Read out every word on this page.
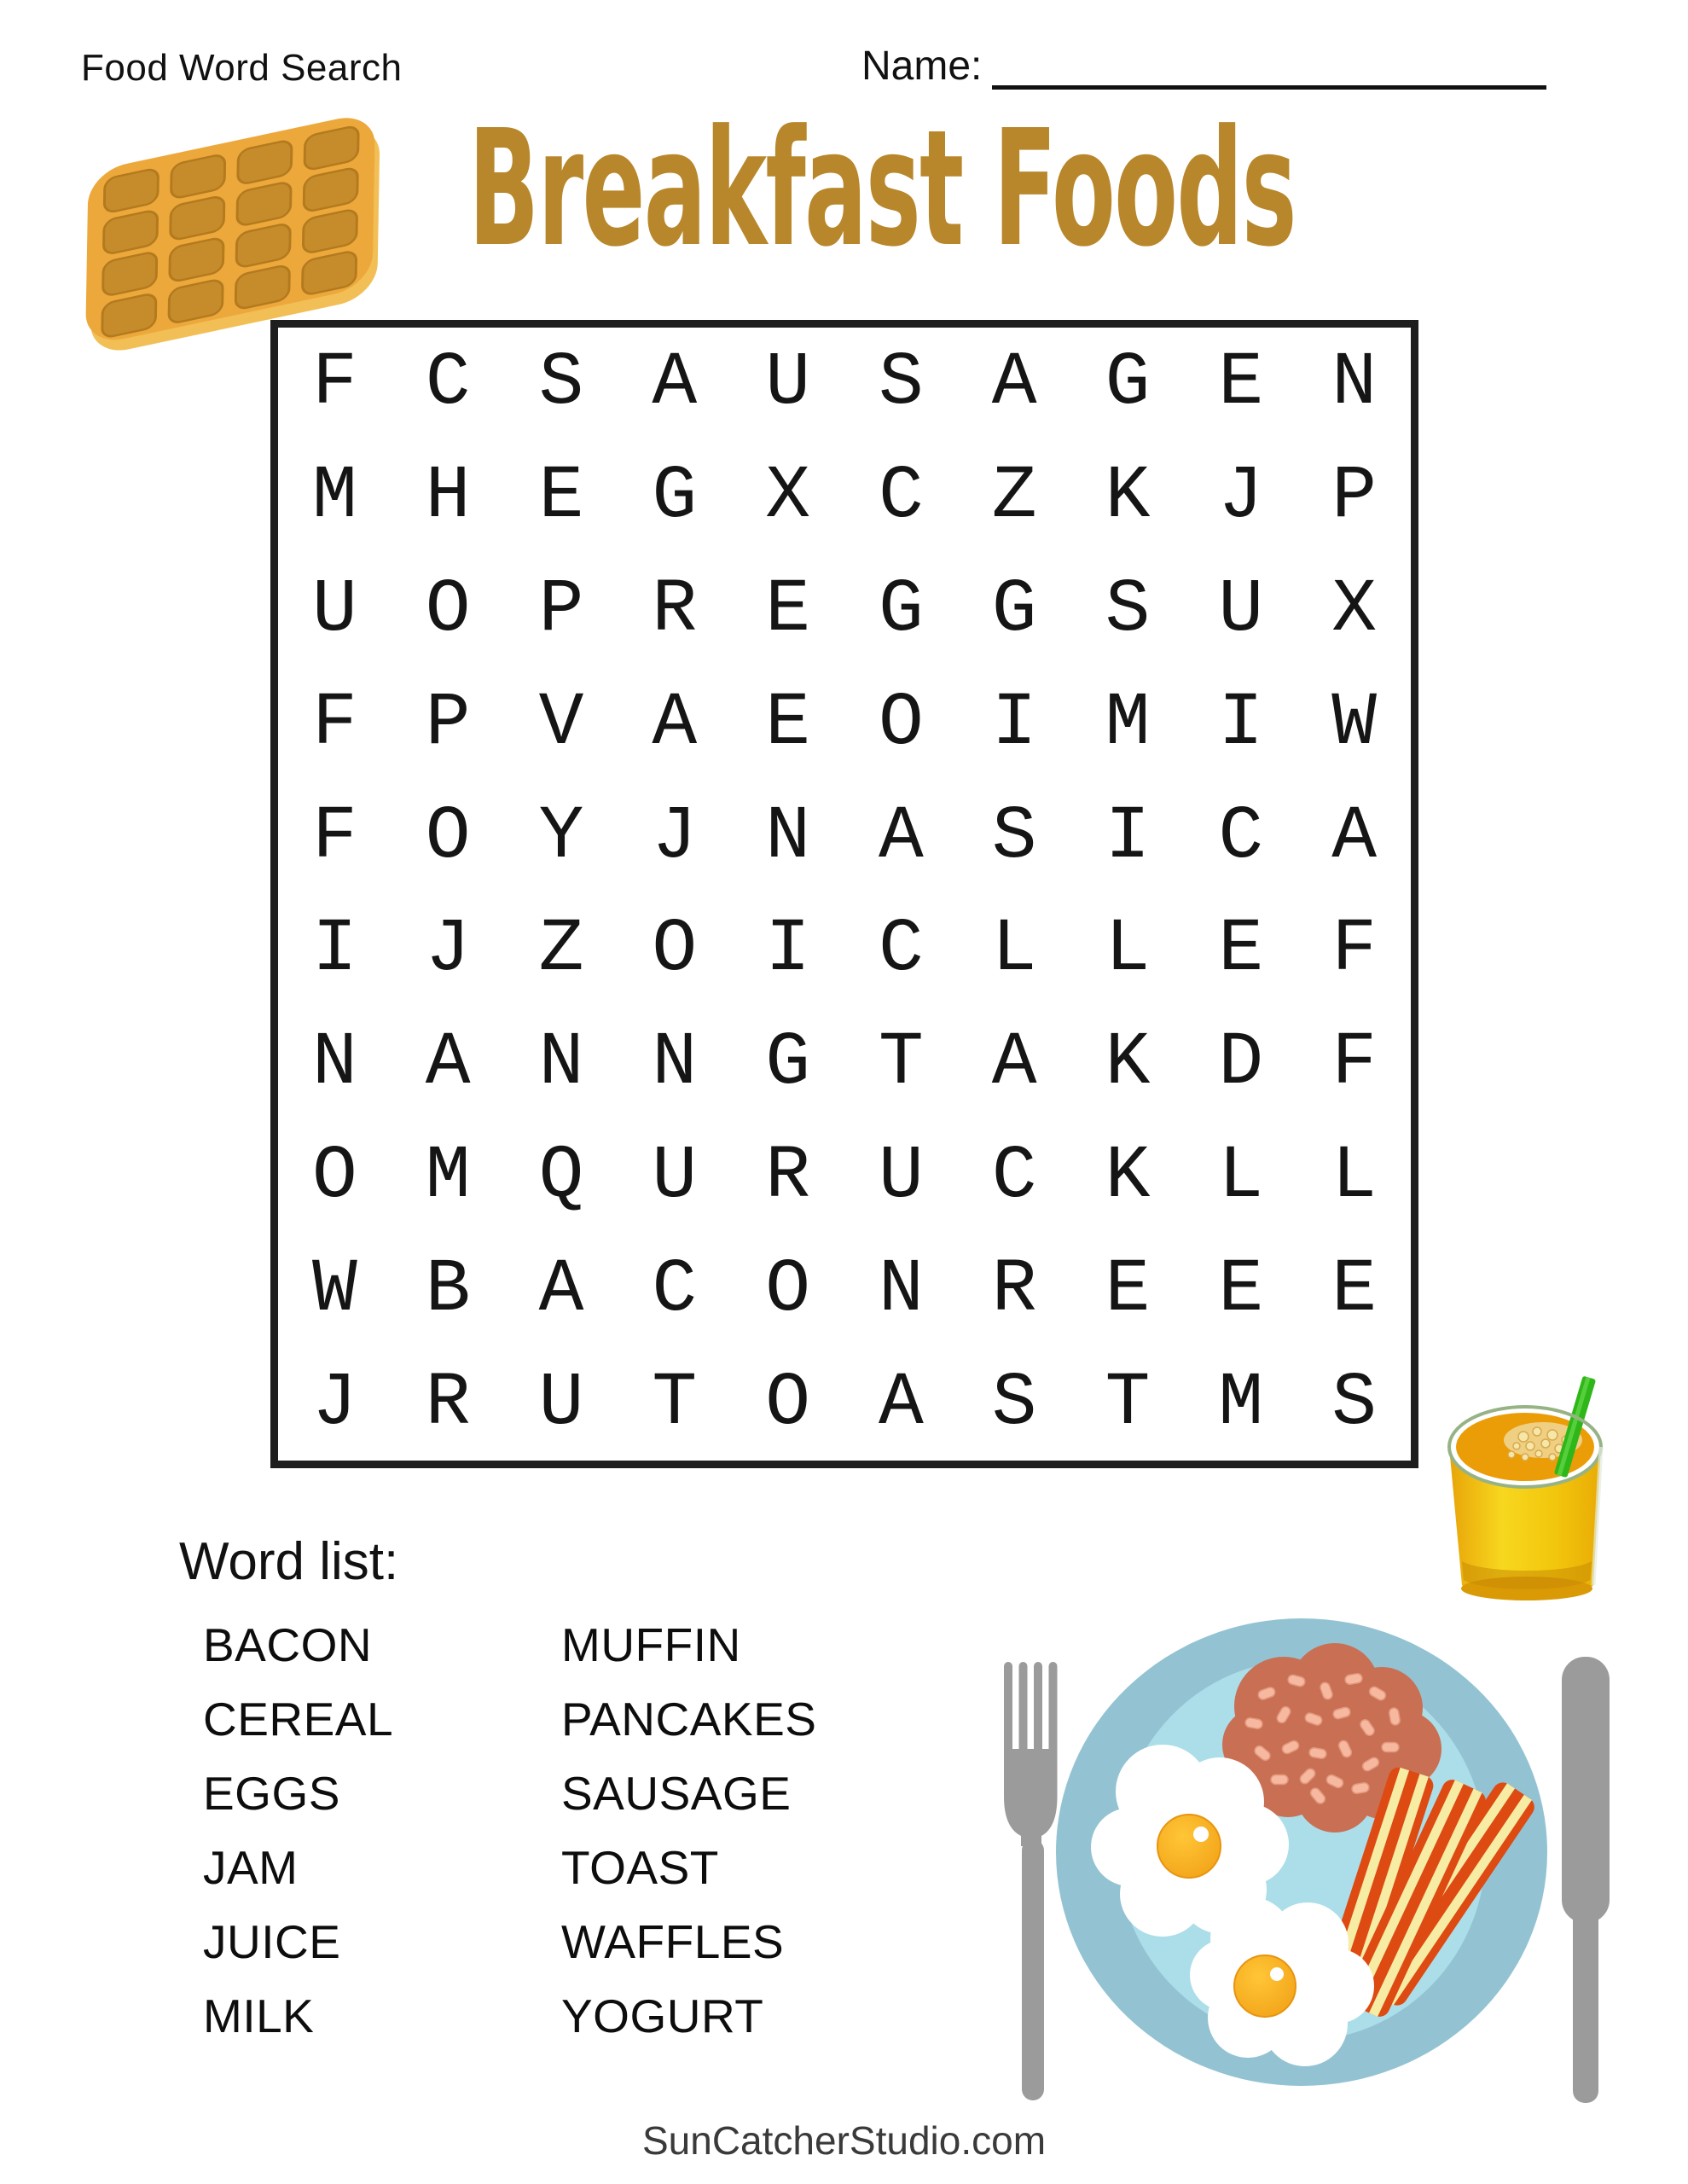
Food Word Search	Name:
Breakfast Foods
F C S A U S A G E N
M H E G X C Z K J P
U O P R E G G S U X
F P V A E O I M I W
F O Y J N A S I C A
I J Z O I C L L E F
N A N N G T A K D F
O M Q U R U C K L L
W B A C O N R E E E
J R U T O A S T M S
Word list:
BACON
CEREAL
EGGS
JAM
JUICE
MILK
MUFFIN
PANCAKES
SAUSAGE
TOAST
WAFFLES
YOGURT
SunCatcherStudio.com
